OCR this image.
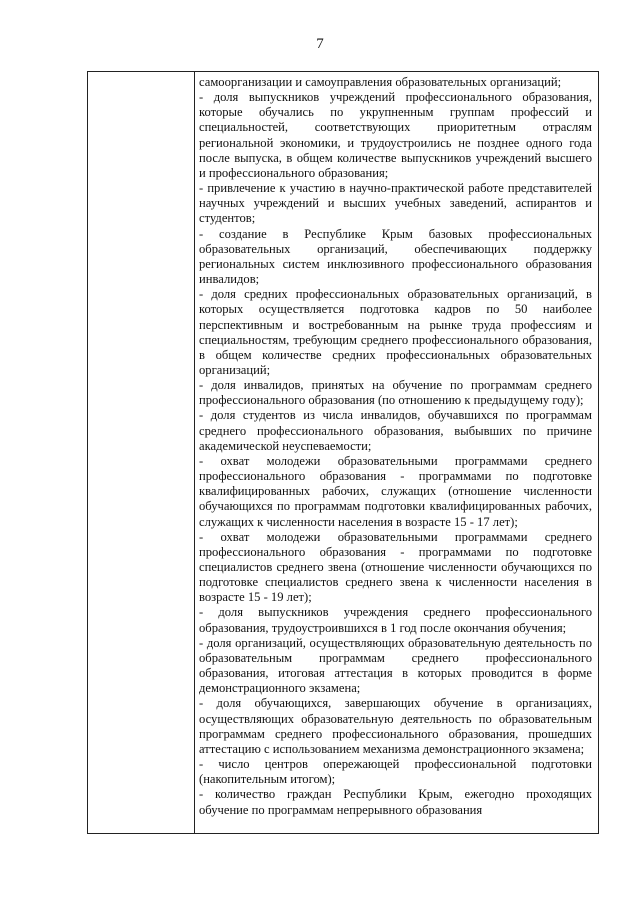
7

самоорганизации и самоуправления образовательных организаций;

- доля выпускников учреждений профессионального образования, которые обучались по укрупненным группам профессий и специальностей, соответствующих приоритетным отраслям региональной экономики, и трудоустроились не позднее одного года после выпуска, в общем количестве выпускников учреждений высшего и профессионального образования;

- привлечение к участию в научно-практической работе представителей научных учреждений и высших учебных заведений, аспирантов и студентов;

- создание в Республике Крым базовых профессиональных образовательных организаций, обеспечивающих поддержку региональных систем инклюзивного профессионального образования инвалидов;

- доля средних профессиональных образовательных организаций, в которых осуществляется подготовка кадров по 50 наиболее перспективным и востребованным на рынке труда профессиям и специальностям, требующим среднего профессионального образования, в общем количестве средних профессиональных образовательных организаций;

- доля инвалидов, принятых на обучение по программам среднего профессионального образования (по отношению к предыдущему году);

- доля студентов из числа инвалидов, обучавшихся по программам среднего профессионального образования, выбывших по причине академической неуспеваемости;

- охват молодежи образовательными программами среднего профессионального образования - программами по подготовке квалифицированных рабочих, служащих (отношение численности обучающихся по программам подготовки квалифицированных рабочих, служащих к численности населения в возрасте 15 - 17 лет);

- охват молодежи образовательными программами среднего профессионального образования - программами по подготовке специалистов среднего звена (отношение численности обучающихся по подготовке специалистов среднего звена к численности населения в возрасте 15 - 19 лет);

- доля выпускников учреждения среднего профессионального образования, трудоустроившихся в 1 год после окончания обучения;

- доля организаций, осуществляющих образовательную деятельность по образовательным программам среднего профессионального образования, итоговая аттестация в которых проводится в форме демонстрационного экзамена;

- доля обучающихся, завершающих обучение в организациях, осуществляющих образовательную деятельность по образовательным программам среднего профессионального образования, прошедших аттестацию с использованием механизма демонстрационного экзамена;

- число центров опережающей профессиональной подготовки (накопительным итогом);

- количество граждан Республики Крым, ежегодно проходящих обучение по программам непрерывного образования
